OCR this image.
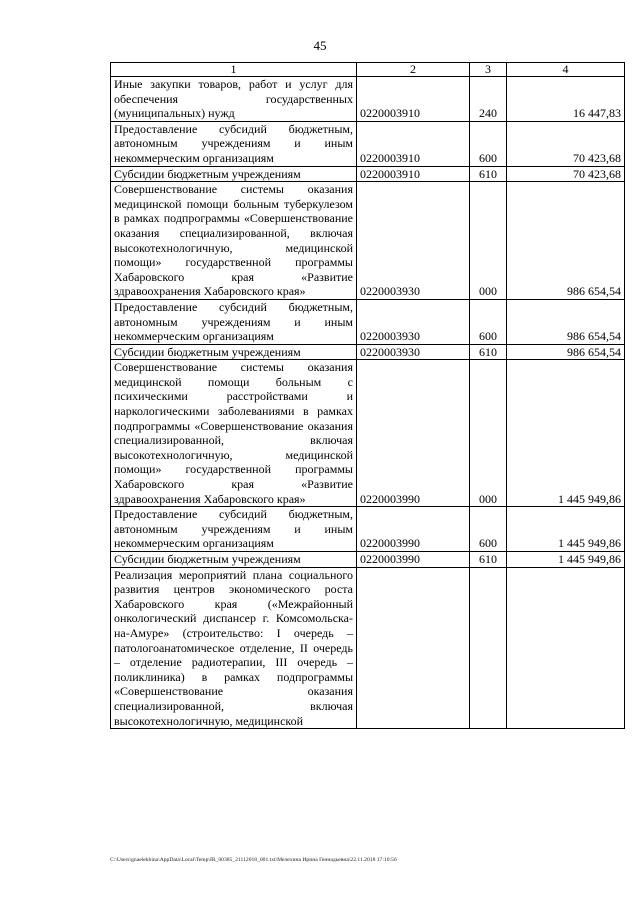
45
1	2	3	4
Иные закупки товаров, работ и услуг для обеспечения государственных (муниципальных) нужд	0220003910	240	16 447,83
Предоставление субсидий бюджетным, автономным учреждениям и иным некоммерческим организациям	0220003910	600	70 423,68
Субсидии бюджетным учреждениям	0220003910	610	70 423,68
Совершенствование системы оказания медицинской помощи больным туберкулезом в рамках подпрограммы «Совершенствование оказания специализированной, включая высокотехнологичную, медицинской помощи» государственной программы Хабаровского края «Развитие здравоохранения Хабаровского края»	0220003930	000	986 654,54
Предоставление субсидий бюджетным, автономным учреждениям и иным некоммерческим организациям	0220003930	600	986 654,54
Субсидии бюджетным учреждениям	0220003930	610	986 654,54
Совершенствование системы оказания медицинской помощи больным с психическими расстройствами и наркологическими заболеваниями в рамках подпрограммы «Совершенствование оказания специализированной, включая высокотехнологичную, медицинской помощи» государственной программы Хабаровского края «Развитие здравоохранения Хабаровского края»	0220003990	000	1 445 949,86
Предоставление субсидий бюджетным, автономным учреждениям и иным некоммерческим организациям	0220003990	600	1 445 949,86
Субсидии бюджетным учреждениям	0220003990	610	1 445 949,86
Реализация мероприятий плана социального развития центров экономического роста Хабаровского края («Межрайонный онкологический диспансер г. Комсомольска-на-Амуре» (строительство: I очередь – патологоанатомическое отделение, II очередь – отделение радиотерапии, III очередь – поликлиника) в рамках подпрограммы «Совершенствование оказания специализированной, включая высокотехнологичную, медицинской			
C:\Users\gnaelekhina\AppData\Local\Temp\IR_00385_21112018_001.txt\Мелехина Ирина Геннадьевна\22.11.2018 17:10:56
